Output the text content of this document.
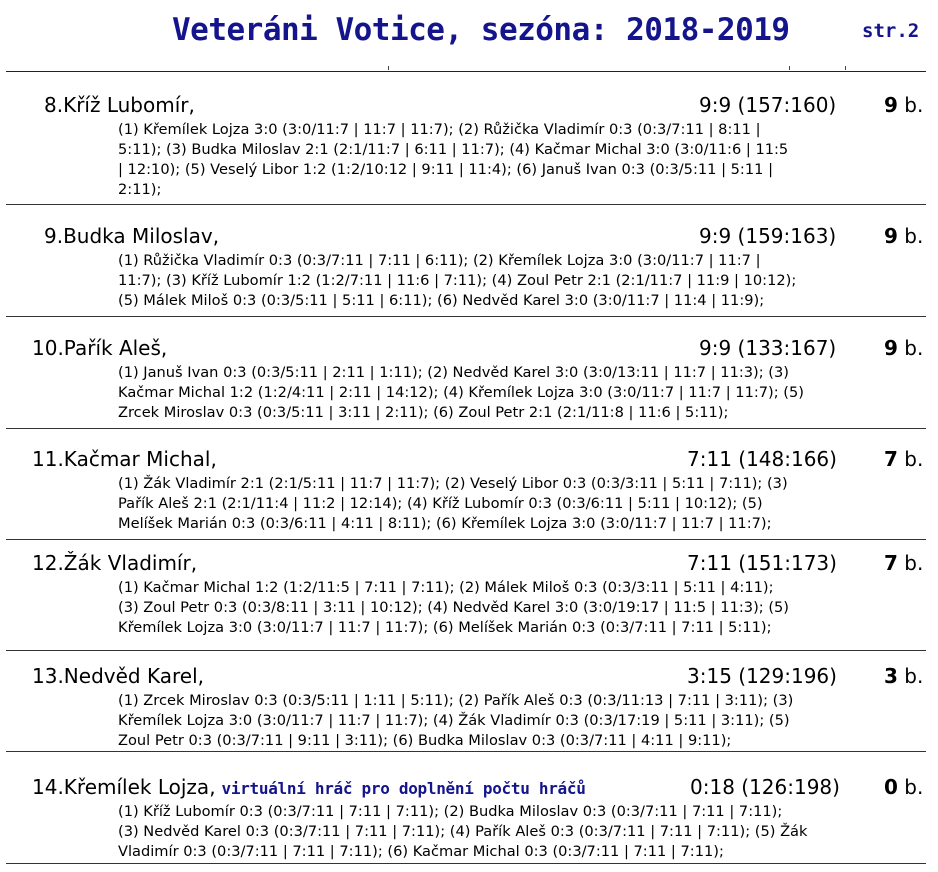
Veteráni Votice, sezóna: 2018-2019	str.2
8.Kříž Lubomír,	9:9 (157:160) 9 b.
(1) Křemílek Lojza 3:0 (3:0/11:7 | 11:7 | 11:7); (2) Růžička Vladimír 0:3 (0:3/7:11 | 8:11 |
5:11); (3) Budka Miloslav 2:1 (2:1/11:7 | 6:11 | 11:7); (4) Kačmar Michal 3:0 (3:0/11:6 | 11:5
| 12:10); (5) Veselý Libor 1:2 (1:2/10:12 | 9:11 | 11:4); (6) Januš Ivan 0:3 (0:3/5:11 | 5:11 |
2:11);
9.Budka Miloslav,	9:9 (159:163) 9 b.
(1) Růžička Vladimír 0:3 (0:3/7:11 | 7:11 | 6:11); (2) Křemílek Lojza 3:0 (3:0/11:7 | 11:7 |
11:7); (3) Kříž Lubomír 1:2 (1:2/7:11 | 11:6 | 7:11); (4) Zoul Petr 2:1 (2:1/11:7 | 11:9 | 10:12);
(5) Málek Miloš 0:3 (0:3/5:11 | 5:11 | 6:11); (6) Nedvěd Karel 3:0 (3:0/11:7 | 11:4 | 11:9);
10.Pařík Aleš,	9:9 (133:167) 9 b.
(1) Januš Ivan 0:3 (0:3/5:11 | 2:11 | 1:11); (2) Nedvěd Karel 3:0 (3:0/13:11 | 11:7 | 11:3); (3)
Kačmar Michal 1:2 (1:2/4:11 | 2:11 | 14:12); (4) Křemílek Lojza 3:0 (3:0/11:7 | 11:7 | 11:7); (5)
Zrcek Miroslav 0:3 (0:3/5:11 | 3:11 | 2:11); (6) Zoul Petr 2:1 (2:1/11:8 | 11:6 | 5:11);
11.Kačmar Michal,	7:11 (148:166) 7 b.
(1) Žák Vladimír 2:1 (2:1/5:11 | 11:7 | 11:7); (2) Veselý Libor 0:3 (0:3/3:11 | 5:11 | 7:11); (3)
Pařík Aleš 2:1 (2:1/11:4 | 11:2 | 12:14); (4) Kříž Lubomír 0:3 (0:3/6:11 | 5:11 | 10:12); (5)
Melíšek Marián 0:3 (0:3/6:11 | 4:11 | 8:11); (6) Křemílek Lojza 3:0 (3:0/11:7 | 11:7 | 11:7);
12.Žák Vladimír,	7:11 (151:173) 7 b.
(1) Kačmar Michal 1:2 (1:2/11:5 | 7:11 | 7:11); (2) Málek Miloš 0:3 (0:3/3:11 | 5:11 | 4:11);
(3) Zoul Petr 0:3 (0:3/8:11 | 3:11 | 10:12); (4) Nedvěd Karel 3:0 (3:0/19:17 | 11:5 | 11:3); (5)
Křemílek Lojza 3:0 (3:0/11:7 | 11:7 | 11:7); (6) Melíšek Marián 0:3 (0:3/7:11 | 7:11 | 5:11);
13.Nedvěd Karel,	3:15 (129:196) 3 b.
(1) Zrcek Miroslav 0:3 (0:3/5:11 | 1:11 | 5:11); (2) Pařík Aleš 0:3 (0:3/11:13 | 7:11 | 3:11); (3)
Křemílek Lojza 3:0 (3:0/11:7 | 11:7 | 11:7); (4) Žák Vladimír 0:3 (0:3/17:19 | 5:11 | 3:11); (5)
Zoul Petr 0:3 (0:3/7:11 | 9:11 | 3:11); (6) Budka Miloslav 0:3 (0:3/7:11 | 4:11 | 9:11);
14.Křemílek Lojza, virtuální hráč pro doplnění počtu hráčů	0:18 (126:198) 0 b.
(1) Kříž Lubomír 0:3 (0:3/7:11 | 7:11 | 7:11); (2) Budka Miloslav 0:3 (0:3/7:11 | 7:11 | 7:11);
(3) Nedvěd Karel 0:3 (0:3/7:11 | 7:11 | 7:11); (4) Pařík Aleš 0:3 (0:3/7:11 | 7:11 | 7:11); (5) Žák
Vladimír 0:3 (0:3/7:11 | 7:11 | 7:11); (6) Kačmar Michal 0:3 (0:3/7:11 | 7:11 | 7:11);
